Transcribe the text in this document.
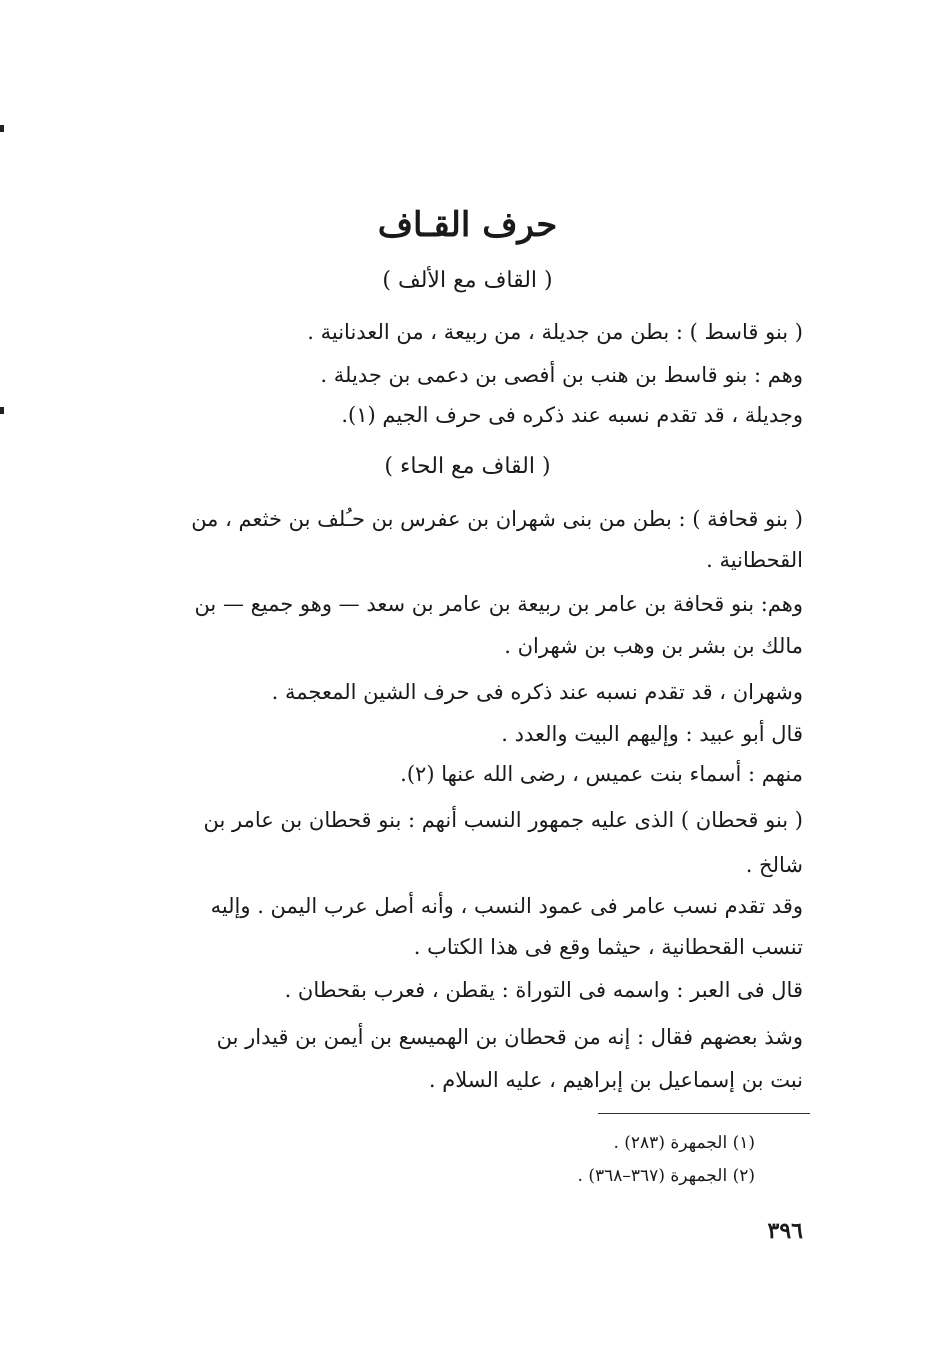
حرف القـاف
( القاف مع الألف )
( بنو قاسط ) : بطن من جديلة ، من ربيعة ، من العدنانية .
وهم : بنو قاسط بن هنب بن أفصى بن دعمى بن جديلة .
وجديلة ، قد تقدم نسبه عند ذكره فى حرف الجيم (١).
( القاف مع الحاء )
( بنو قحافة ) : بطن من بنى شهران بن عفرس بن حـُلف بن خثعم ، من
القحطانية .
وهم: بنو قحافة بن عامر بن ربيعة بن عامر بن سعد — وهو جميع — بن
مالك بن بشر بن وهب بن شهران .
وشهران ، قد تقدم نسبه عند ذكره فى حرف الشين المعجمة .
قال أبو عبيد : وإليهم البيت والعدد .
منهم : أسماء بنت عميس ، رضى الله عنها (٢).
( بنو قحطان ) الذى عليه جمهور النسب أنهم : بنو قحطان بن عامر بن
شالخ .
وقد تقدم نسب عامر فى عمود النسب ، وأنه أصل عرب اليمن . وإليه
تنسب القحطانية ، حيثما وقع فى هذا الكتاب .
قال فى العبر : واسمه فى التوراة : يقطن ، فعرب بقحطان .
وشذ بعضهم فقال : إنه من قحطان بن الهميسع بن أيمن بن قيدار بن
نبت بن إسماعيل بن إبراهيم ، عليه السلام .
(١) الجمهرة (٢٨٣) .
(٢) الجمهرة (٣٦٧–٣٦٨) .
٣٩٦
